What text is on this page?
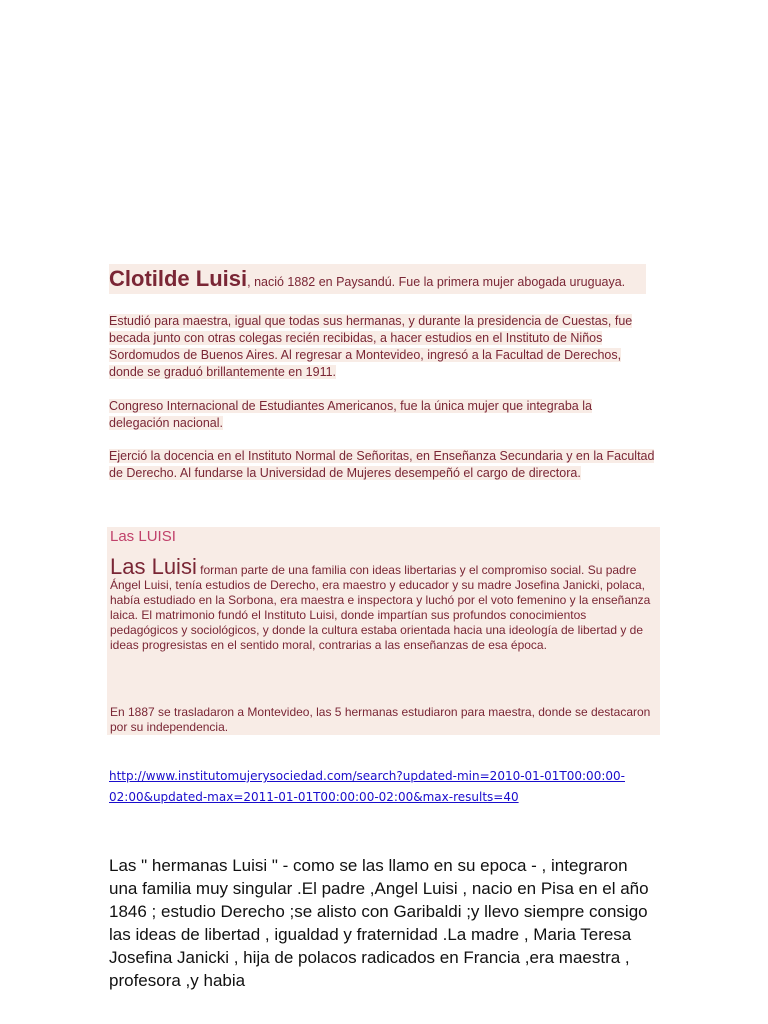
Clotilde Luisi, nació 1882 en Paysandú. Fue la primera mujer abogada uruguaya.

Estudió para maestra, igual que todas sus hermanas, y durante la presidencia de Cuestas, fue becada junto con otras colegas recién recibidas, a hacer estudios en el Instituto de Niños Sordomudos de Buenos Aires. Al regresar a Montevideo, ingresó a la Facultad de Derechos, donde se graduó brillantemente en 1911.

Congreso Internacional de Estudiantes Americanos, fue la única mujer que integraba la delegación nacional.

Ejerció la docencia en el Instituto Normal de Señoritas, en Enseñanza Secundaria y en la Facultad de Derecho. Al fundarse la Universidad de Mujeres desempeñó el cargo de directora.

Las LUISI

Las Luisi forman parte de una familia con ideas libertarias y el compromiso social. Su padre Ángel Luisi, tenía estudios de Derecho, era maestro y educador y su madre Josefina Janicki, polaca, había estudiado en la Sorbona, era maestra e inspectora y luchó por el voto femenino y la enseñanza laica. El matrimonio fundó el Instituto Luisi, donde impartían sus profundos conocimientos pedagógicos y sociológicos, y donde la cultura estaba orientada hacia una ideología de libertad y de ideas progresistas en el sentido moral, contrarias a las enseñanzas de esa época.

En 1887 se trasladaron a Montevideo, las 5 hermanas estudiaron para maestra, donde se destacaron por su independencia.

http://www.institutomujerysociedad.com/search?updated-min=2010-01-01T00:00:00-02:00&updated-max=2011-01-01T00:00:00-02:00&max-results=40

Las " hermanas Luisi " - como se las llamo en su epoca - , integraron una familia muy singular .El padre ,Angel Luisi , nacio en Pisa en el año 1846 ; estudio Derecho ;se alisto con Garibaldi ;y llevo siempre consigo las ideas de libertad , igualdad y fraternidad .La madre , Maria Teresa Josefina Janicki , hija de polacos radicados en Francia ,era maestra , profesora ,y habia
